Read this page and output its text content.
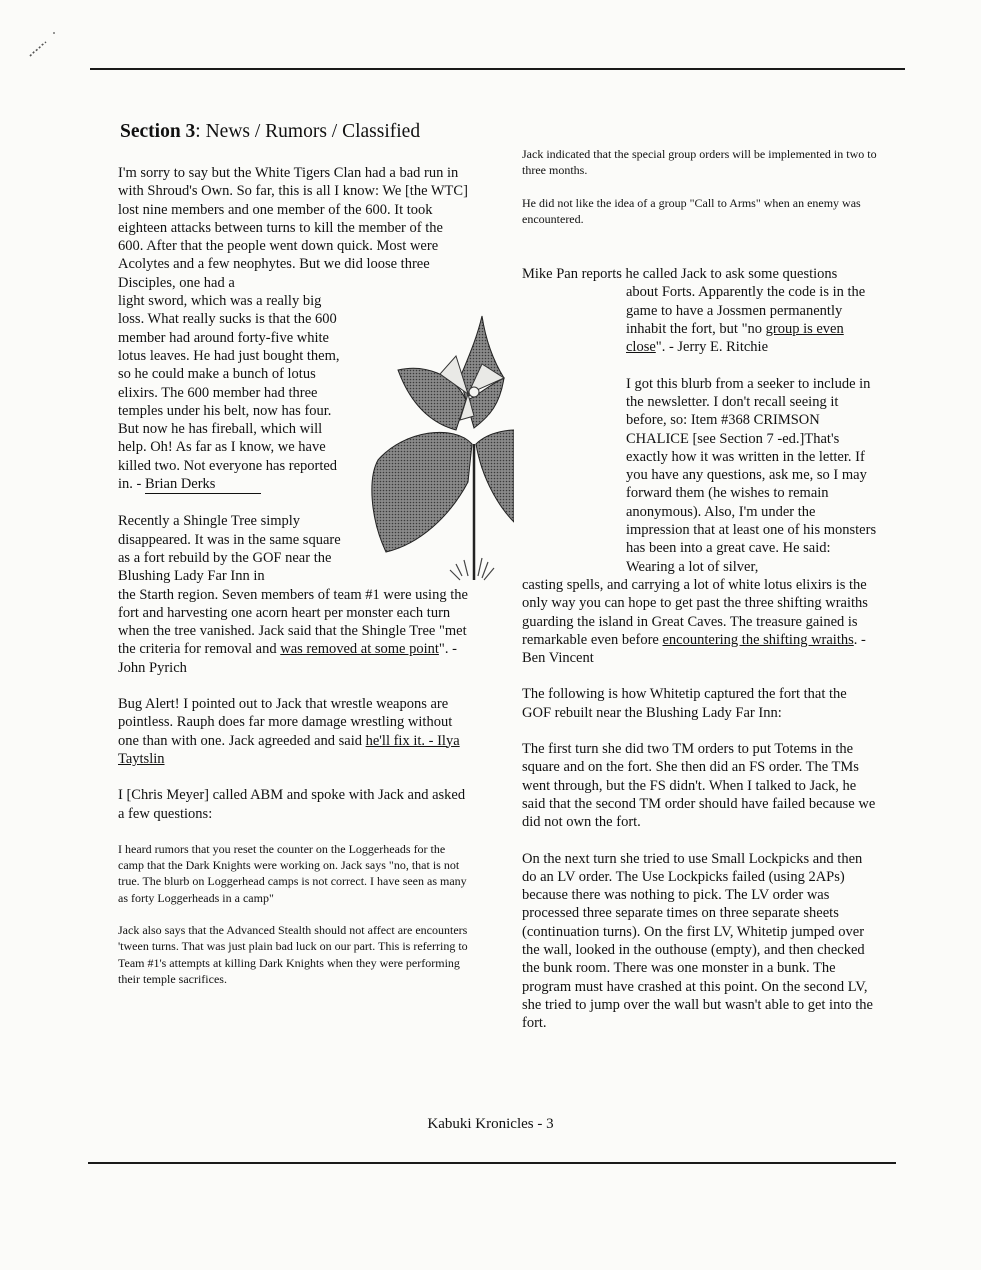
Section 3: News / Rumors / Classified

I'm sorry to say but the White Tigers Clan had a bad run in with Shroud's Own. So far, this is all I know: We [the WTC] lost nine members and one member of the 600. It took eighteen attacks between turns to kill the member of the 600. After that the people went down quick. Most were Acolytes and a few neophytes. But we did loose three Disciples, one had a

light sword, which was a really big loss. What really sucks is that the 600 member had around forty-five white lotus leaves. He had just bought them, so he could make a bunch of lotus elixirs. The 600 member had three temples under his belt, now has four. But now he has fireball, which will help. Oh! As far as I know, we have killed two. Not everyone has reported in. - Brian Derks

Recently a Shingle Tree simply disappeared. It was in the same square as a fort rebuild by the GOF near the Blushing Lady Far Inn in

the Starth region. Seven members of team #1 were using the fort and harvesting one acorn heart per monster each turn when the tree vanished. Jack said that the Shingle Tree "met the criteria for removal and was removed at some point". - John Pyrich

Bug Alert! I pointed out to Jack that wrestle weapons are pointless. Rauph does far more damage wrestling without one than with one. Jack agreeded and said he'll fix it. - Ilya Taytslin

I [Chris Meyer] called ABM and spoke with Jack and asked a few questions:

I heard rumors that you reset the counter on the Loggerheads for the camp that the Dark Knights were working on. Jack says "no, that is not true. The blurb on Loggerhead camps is not correct. I have seen as many as forty Loggerheads in a camp"

Jack also says that the Advanced Stealth should not affect are encounters 'tween turns. That was just plain bad luck on our part. This is referring to Team #1's attempts at killing Dark Knights when they were performing their temple sacrifices.

Jack indicated that the special group orders will be implemented in two to three months.

He did not like the idea of a group "Call to Arms" when an enemy was encountered.

Mike Pan reports he called Jack to ask some questions

about Forts. Apparently the code is in the game to have a Jossmen permanently inhabit the fort, but "no group is even close". - Jerry E. Ritchie

I got this blurb from a seeker to include in the newsletter. I don't recall seeing it before, so: Item #368 CRIMSON CHALICE [see Section 7 -ed.]That's exactly how it was written in the letter. If you have any questions, ask me, so I may forward them (he wishes to remain anonymous). Also, I'm under the impression that at least one of his monsters has been into a great cave. He said: Wearing a lot of silver,

casting spells, and carrying a lot of white lotus elixirs is the only way you can hope to get past the three shifting wraiths guarding the island in Great Caves. The treasure gained is remarkable even before encountering the shifting wraiths. - Ben Vincent

The following is how Whitetip captured the fort that the GOF rebuilt near the Blushing Lady Far Inn:

The first turn she did two TM orders to put Totems in the square and on the fort. She then did an FS order. The TMs went through, but the FS didn't. When I talked to Jack, he said that the second TM order should have failed because we did not own the fort.

On the next turn she tried to use Small Lockpicks and then do an LV order. The Use Lockpicks failed (using 2APs) because there was nothing to pick. The LV order was processed three separate times on three separate sheets (continuation turns). On the first LV, Whitetip jumped over the wall, looked in the outhouse (empty), and then checked the bunk room. There was one monster in a bunk. The program must have crashed at this point. On the second LV, she tried to jump over the wall but wasn't able to get into the fort.

Kabuki Kronicles - 3
